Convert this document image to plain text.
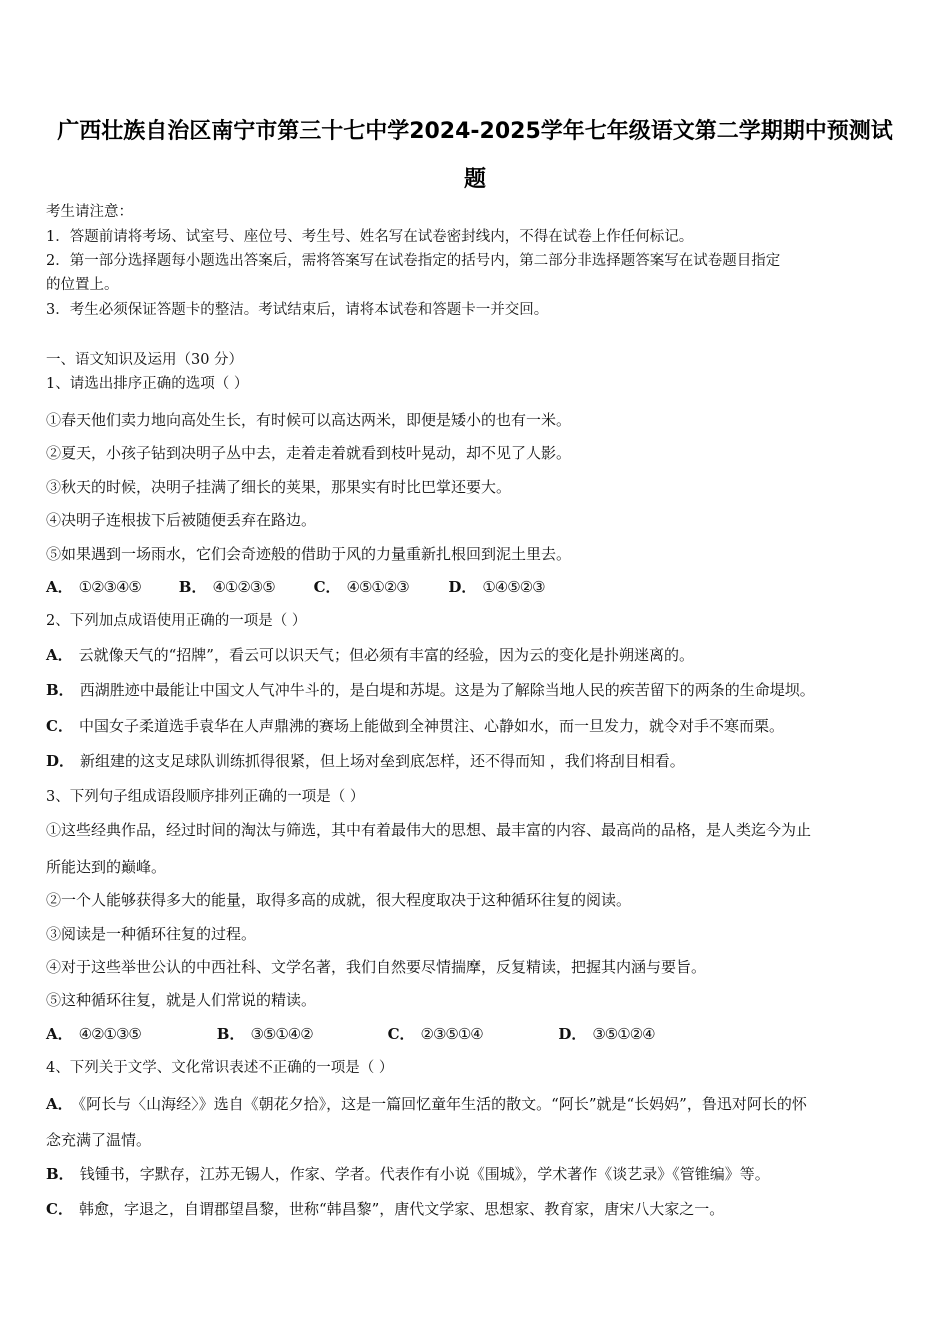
广西壮族自治区南宁市第三十七中学2024-2025学年七年级语文第二学期期中预测试
题
考生请注意：
1．答题前请将考场、试室号、座位号、考生号、姓名写在试卷密封线内，不得在试卷上作任何标记。
2．第一部分选择题每小题选出答案后，需将答案写在试卷指定的括号内，第二部分非选择题答案写在试卷题目指定
的位置上。
3．考生必须保证答题卡的整洁。考试结束后，请将本试卷和答题卡一并交回。
一、语文知识及运用（30 分）
1、请选出排序正确的选项（ ）
①春天他们卖力地向高处生长，有时候可以高达两米，即便是矮小的也有一米。
②夏天，小孩子钻到决明子丛中去，走着走着就看到枝叶晃动，却不见了人影。
③秋天的时候，决明子挂满了细长的荚果，那果实有时比巴掌还要大。
④决明子连根拔下后被随便丢弃在路边。
⑤如果遇到一场雨水，它们会奇迹般的借助于风的力量重新扎根回到泥土里去。
A． ①②③④⑤	B． ④①②③⑤	C． ④⑤①②③	D． ①④⑤②③
2、下列加点成语使用正确的一项是（ ）
A． 云就像天气的“招牌”，看云可以识天气；但必须有丰富的经验，因为云的变化是扑朔迷离的。
B． 西湖胜迹中最能让中国文人气冲牛斗的，是白堤和苏堤。这是为了解除当地人民的疾苦留下的两条的生命堤坝。
C． 中国女子柔道选手袁华在人声鼎沸的赛场上能做到全神贯注、心静如水，而一旦发力，就令对手不寒而栗。
D． 新组建的这支足球队训练抓得很紧，但上场对垒到底怎样，还不得而知 ，我们将刮目相看。
3、下列句子组成语段顺序排列正确的一项是（ ）
①这些经典作品，经过时间的淘汰与筛选，其中有着最伟大的思想、最丰富的内容、最高尚的品格，是人类迄今为止
所能达到的巅峰。
②一个人能够获得多大的能量，取得多高的成就，很大程度取决于这种循环往复的阅读。
③阅读是一种循环往复的过程。
④对于这些举世公认的中西社科、文学名著，我们自然要尽情揣摩，反复精读，把握其内涵与要旨。
⑤这种循环往复，就是人们常说的精读。
A． ④②①③⑤	B． ③⑤①④②	C． ②③⑤①④	D． ③⑤①②④
4、下列关于文学、文化常识表述不正确的一项是（ ）
A． 《阿长与〈山海经〉》选自《朝花夕拾》，这是一篇回忆童年生活的散文。“阿长”就是“长妈妈”，鲁迅对阿长的怀
念充满了温情。
B． 钱锺书，字默存，江苏无锡人，作家、学者。代表作有小说《围城》，学术著作《谈艺录》《管锥编》等。
C． 韩愈，字退之，自谓郡望昌黎，世称“韩昌黎”，唐代文学家、思想家、教育家，唐宋八大家之一。
